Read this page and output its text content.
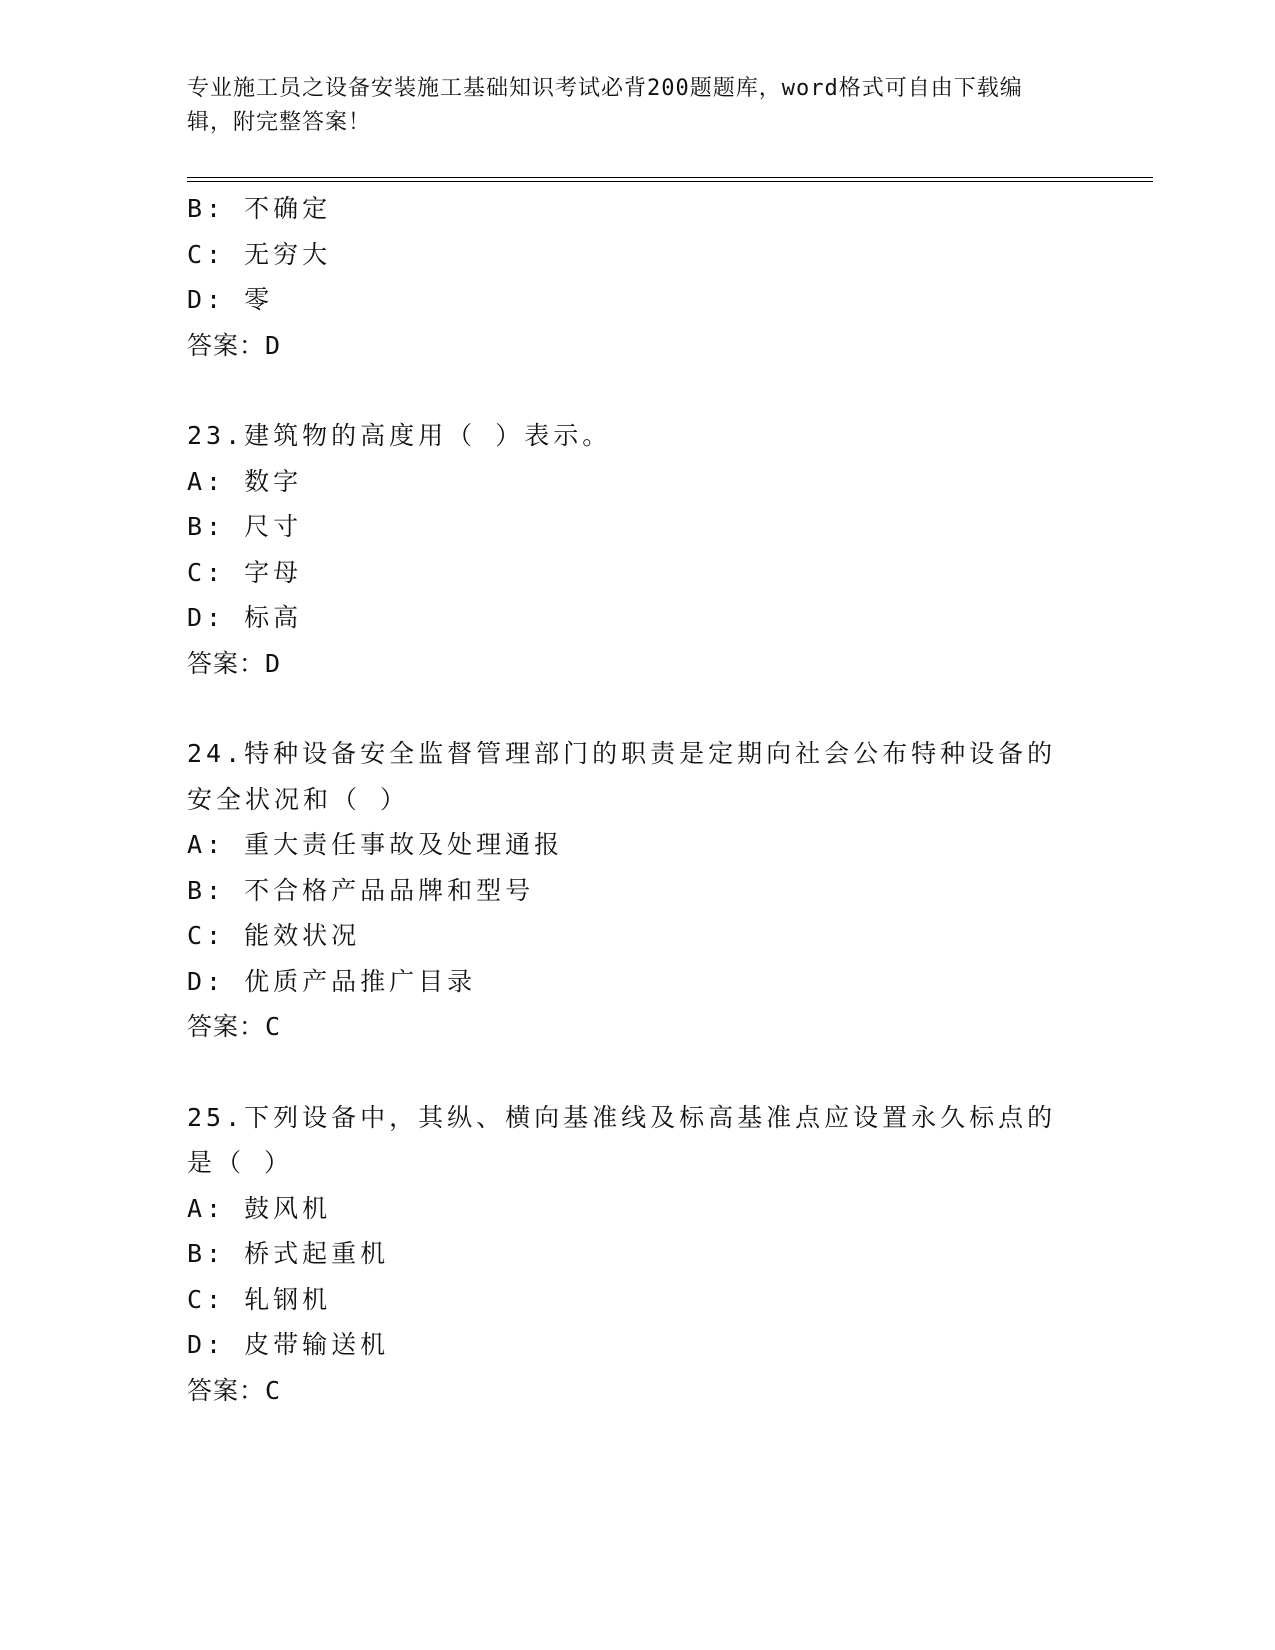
专业施工员之设备安装施工基础知识考试必背200题题库，word格式可自由下载编辑，附完整答案！
B: 不确定
C: 无穷大
D: 零
答案：D
23.建筑物的高度用（ ）表示。
A: 数字
B: 尺寸
C: 字母
D: 标高
答案：D
24.特种设备安全监督管理部门的职责是定期向社会公布特种设备的安全状况和（ ）
A: 重大责任事故及处理通报
B: 不合格产品品牌和型号
C: 能效状况
D: 优质产品推广目录
答案：C
25.下列设备中，其纵、横向基准线及标高基准点应设置永久标点的是（ ）
A: 鼓风机
B: 桥式起重机
C: 轧钢机
D: 皮带输送机
答案：C
